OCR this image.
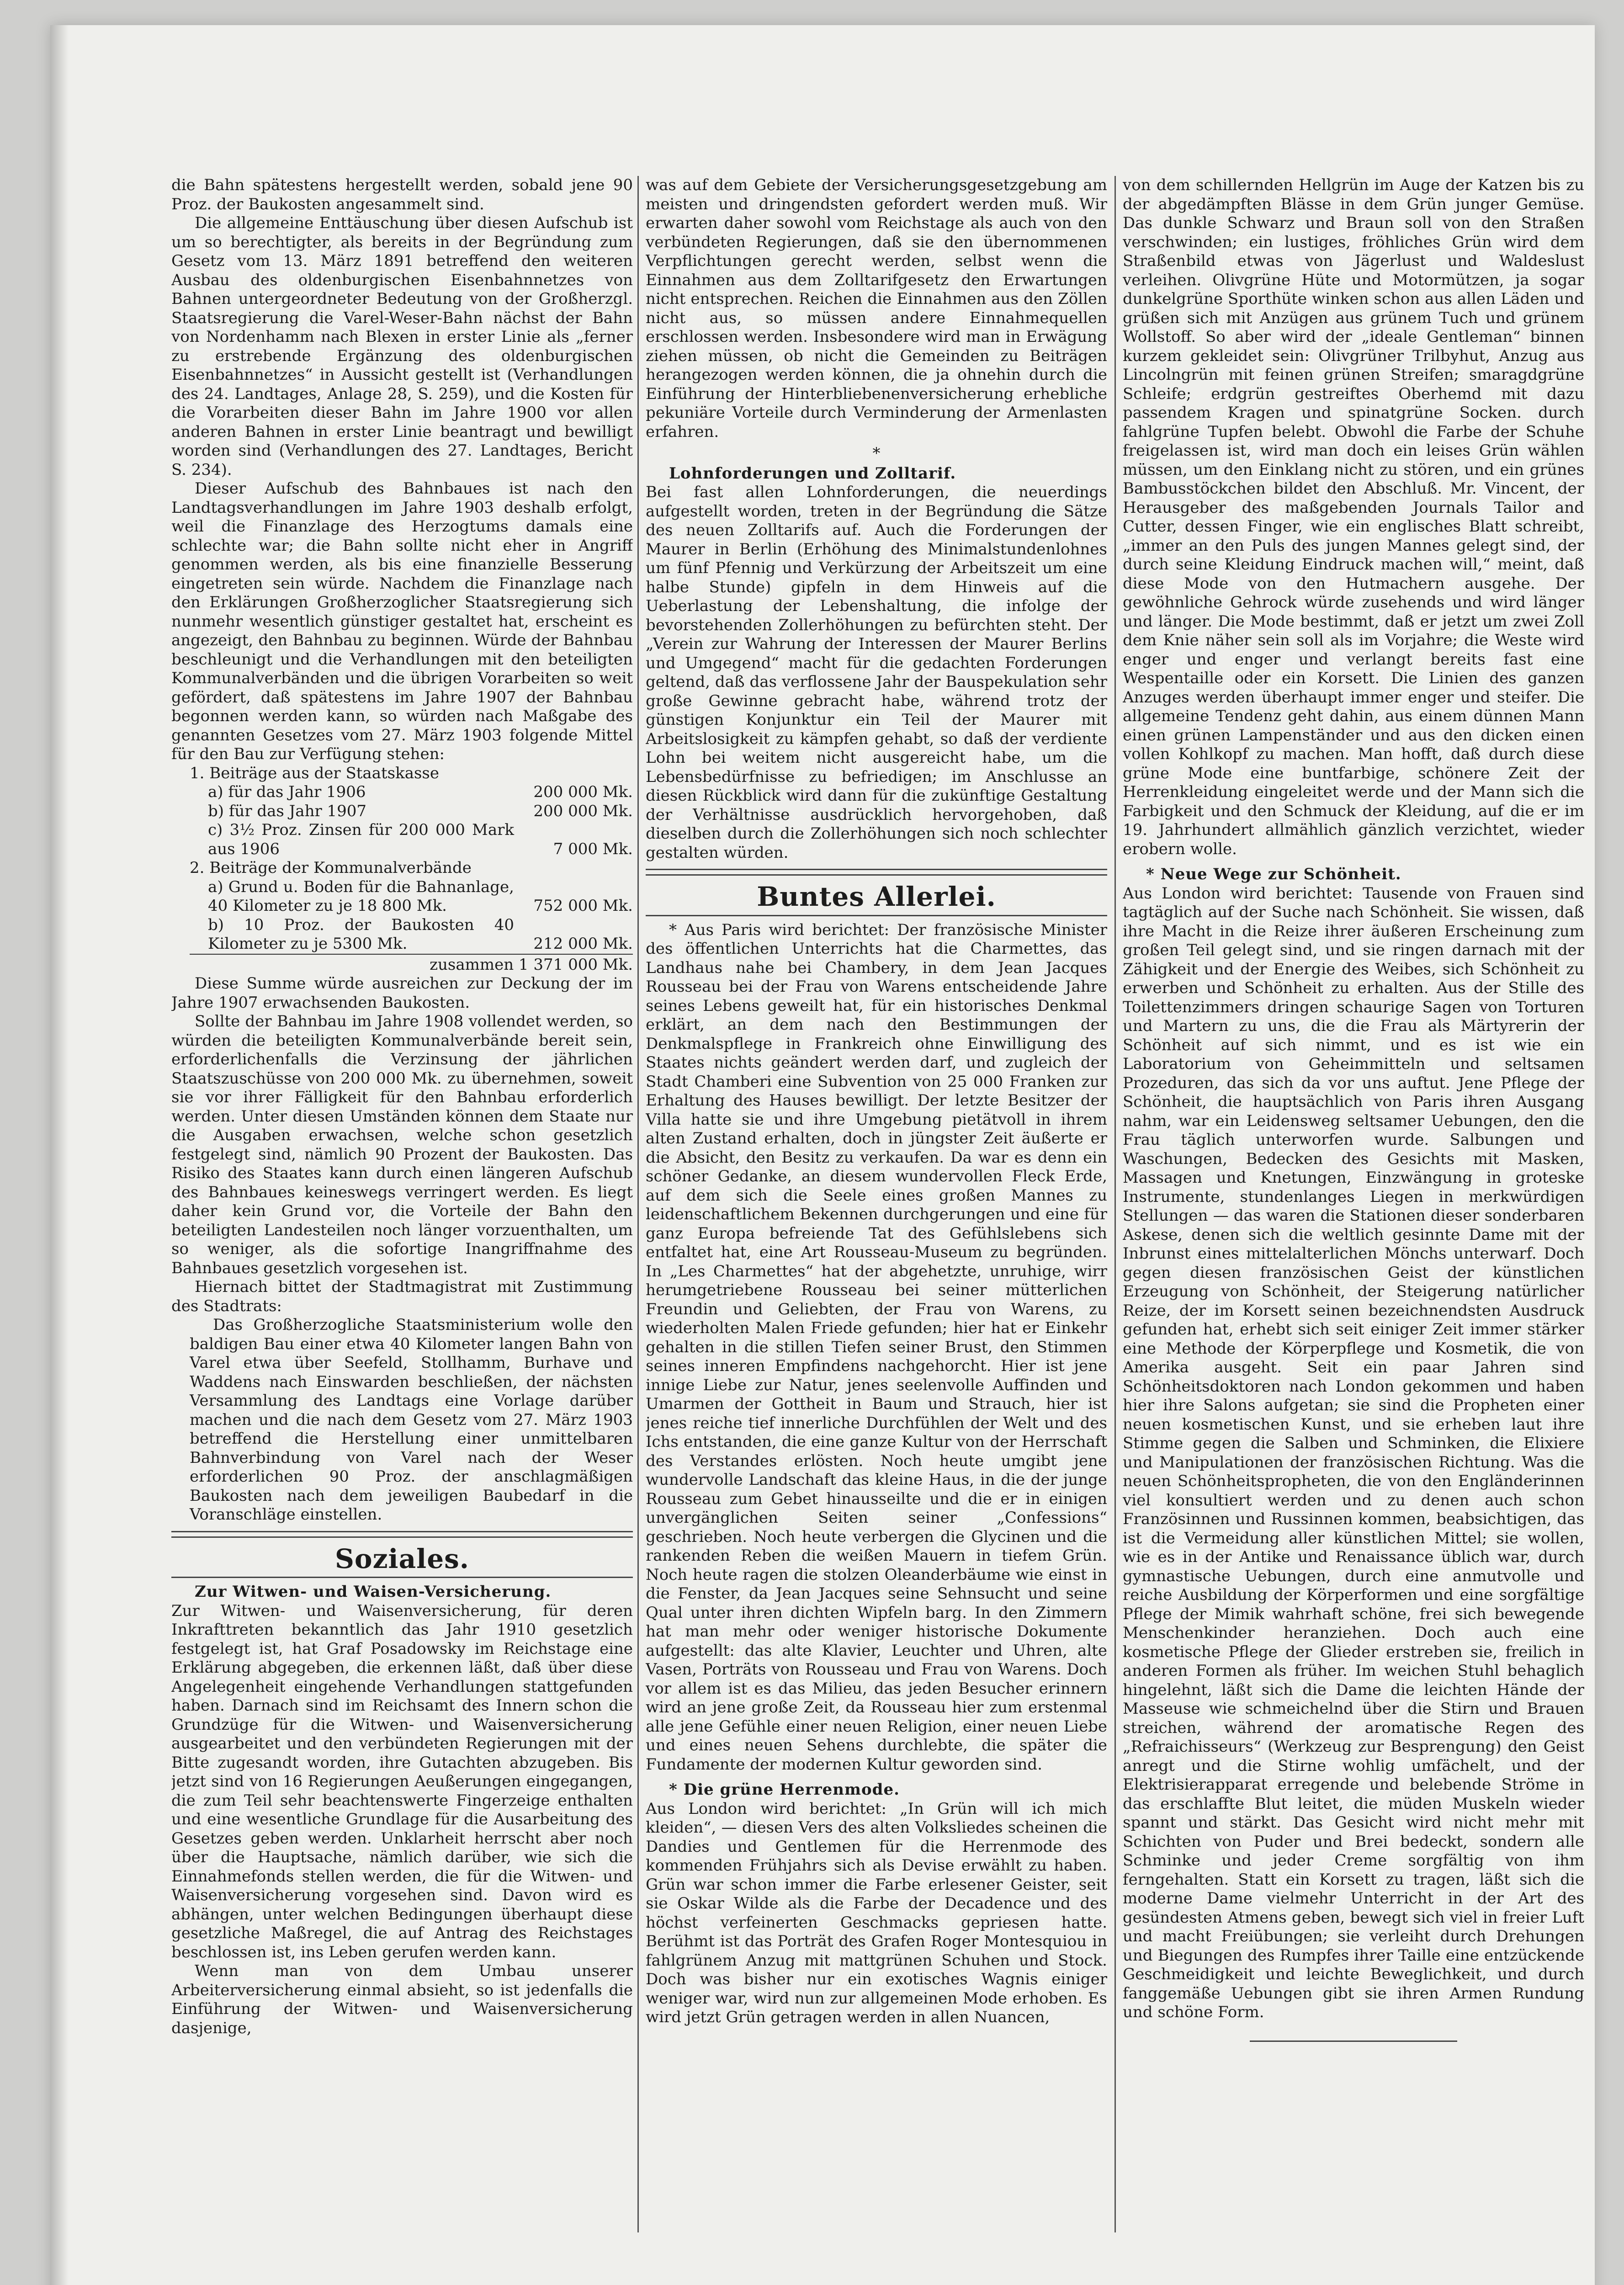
die Bahn spätestens hergestellt werden, sobald jene 90 Proz. der Baukosten angesammelt sind.

Die allgemeine Enttäuschung über diesen Aufschub ist um so berechtigter, als bereits in der Begründung zum Gesetz vom 13. März 1891 betreffend den weiteren Ausbau des oldenburgischen Eisenbahnnetzes von Bahnen untergeordneter Bedeutung von der Großherzgl. Staatsregierung die Varel-Weser-Bahn nächst der Bahn von Nordenhamm nach Blexen in erster Linie als „ferner zu erstrebende Ergänzung des oldenburgischen Eisenbahnnetzes“ in Aussicht gestellt ist (Verhandlungen des 24. Landtages, Anlage 28, S. 259), und die Kosten für die Vorarbeiten dieser Bahn im Jahre 1900 vor allen anderen Bahnen in erster Linie beantragt und bewilligt worden sind (Verhandlungen des 27. Landtages, Bericht S. 234).

Dieser Aufschub des Bahnbaues ist nach den Landtagsverhandlungen im Jahre 1903 deshalb erfolgt, weil die Finanzlage des Herzogtums damals eine schlechte war; die Bahn sollte nicht eher in Angriff genommen werden, als bis eine finanzielle Besserung eingetreten sein würde. Nachdem die Finanzlage nach den Erklärungen Großherzoglicher Staatsregierung sich nunmehr wesentlich günstiger gestaltet hat, erscheint es angezeigt, den Bahnbau zu beginnen. Würde der Bahnbau beschleunigt und die Verhandlungen mit den beteiligten Kommunalverbänden und die übrigen Vorarbeiten so weit gefördert, daß spätestens im Jahre 1907 der Bahnbau begonnen werden kann, so würden nach Maßgabe des genannten Gesetzes vom 27. März 1903 folgende Mittel für den Bau zur Verfügung stehen:

1. Beiträge aus der Staatskasse
a) für das Jahr 1906	200 000 Mk.
b) für das Jahr 1907	200 000 Mk.
c) 3½ Proz. Zinsen für 200 000 Mark aus 1906	7 000 Mk.
2. Beiträge der Kommunalverbände
a) Grund u. Boden für die Bahnanlage, 40 Kilometer zu je 18 800 Mk.	752 000 Mk.
b) 10 Proz. der Baukosten 40 Kilometer zu je 5300 Mk.	212 000 Mk.
zusammen 1 371 000 Mk.	

Diese Summe würde ausreichen zur Deckung der im Jahre 1907 erwachsenden Baukosten.

Sollte der Bahnbau im Jahre 1908 vollendet werden, so würden die beteiligten Kommunalverbände bereit sein, erforderlichenfalls die Verzinsung der jährlichen Staatszuschüsse von 200 000 Mk. zu übernehmen, soweit sie vor ihrer Fälligkeit für den Bahnbau erforderlich werden. Unter diesen Umständen können dem Staate nur die Ausgaben erwachsen, welche schon gesetzlich festgelegt sind, nämlich 90 Prozent der Baukosten. Das Risiko des Staates kann durch einen längeren Aufschub des Bahnbaues keineswegs verringert werden. Es liegt daher kein Grund vor, die Vorteile der Bahn den beteiligten Landesteilen noch länger vorzuenthalten, um so weniger, als die sofortige Inangriffnahme des Bahnbaues gesetzlich vorgesehen ist.

Hiernach bittet der Stadtmagistrat mit Zustimmung des Stadtrats:

Das Großherzogliche Staatsministerium wolle den baldigen Bau einer etwa 40 Kilometer langen Bahn von Varel etwa über Seefeld, Stollhamm, Burhave und Waddens nach Einswarden beschließen, der nächsten Versammlung des Landtags eine Vorlage darüber machen und die nach dem Gesetz vom 27. März 1903 betreffend die Herstellung einer unmittelbaren Bahnverbindung von Varel nach der Weser erforderlichen 90 Proz. der anschlagmäßigen Baukosten nach dem jeweiligen Baubedarf in die Voranschläge einstellen.

Soziales.

Zur Witwen- und Waisen-Versicherung.

Zur Witwen- und Waisenversicherung, für deren Inkrafttreten bekanntlich das Jahr 1910 gesetzlich festgelegt ist, hat Graf Posadowsky im Reichstage eine Erklärung abgegeben, die erkennen läßt, daß über diese Angelegenheit eingehende Verhandlungen stattgefunden haben. Darnach sind im Reichsamt des Innern schon die Grundzüge für die Witwen- und Waisenversicherung ausgearbeitet und den verbündeten Regierungen mit der Bitte zugesandt worden, ihre Gutachten abzugeben. Bis jetzt sind von 16 Regierungen Aeußerungen eingegangen, die zum Teil sehr beachtenswerte Fingerzeige enthalten und eine wesentliche Grundlage für die Ausarbeitung des Gesetzes geben werden. Unklarheit herrscht aber noch über die Hauptsache, nämlich darüber, wie sich die Einnahmefonds stellen werden, die für die Witwen- und Waisenversicherung vorgesehen sind. Davon wird es abhängen, unter welchen Bedingungen überhaupt diese gesetzliche Maßregel, die auf Antrag des Reichstages beschlossen ist, ins Leben gerufen werden kann.

Wenn man von dem Umbau unserer Arbeiterversicherung einmal absieht, so ist jedenfalls die Einführung der Witwen- und Waisenversicherung dasjenige,

was auf dem Gebiete der Versicherungsgesetzgebung am meisten und dringendsten gefordert werden muß. Wir erwarten daher sowohl vom Reichstage als auch von den verbündeten Regierungen, daß sie den übernommenen Verpflichtungen gerecht werden, selbst wenn die Einnahmen aus dem Zolltarifgesetz den Erwartungen nicht entsprechen. Reichen die Einnahmen aus den Zöllen nicht aus, so müssen andere Einnahmequellen erschlossen werden. Insbesondere wird man in Erwägung ziehen müssen, ob nicht die Gemeinden zu Beiträgen herangezogen werden können, die ja ohnehin durch die Einführung der Hinterbliebenenversicherung erhebliche pekuniäre Vorteile durch Verminderung der Armenlasten erfahren.

*

Lohnforderungen und Zolltarif.

Bei fast allen Lohnforderungen, die neuerdings aufgestellt worden, treten in der Begründung die Sätze des neuen Zolltarifs auf. Auch die Forderungen der Maurer in Berlin (Erhöhung des Minimalstundenlohnes um fünf Pfennig und Verkürzung der Arbeitszeit um eine halbe Stunde) gipfeln in dem Hinweis auf die Ueberlastung der Lebenshaltung, die infolge der bevorstehenden Zollerhöhungen zu befürchten steht. Der „Verein zur Wahrung der Interessen der Maurer Berlins und Umgegend“ macht für die gedachten Forderungen geltend, daß das verflossene Jahr der Bauspekulation sehr große Gewinne gebracht habe, während trotz der günstigen Konjunktur ein Teil der Maurer mit Arbeitslosigkeit zu kämpfen gehabt, so daß der verdiente Lohn bei weitem nicht ausgereicht habe, um die Lebensbedürfnisse zu befriedigen; im Anschlusse an diesen Rückblick wird dann für die zukünftige Gestaltung der Verhältnisse ausdrücklich hervorgehoben, daß dieselben durch die Zollerhöhungen sich noch schlechter gestalten würden.

Buntes Allerlei.

* Aus Paris wird berichtet: Der französische Minister des öffentlichen Unterrichts hat die Charmettes, das Landhaus nahe bei Chambery, in dem Jean Jacques Rousseau bei der Frau von Warens entscheidende Jahre seines Lebens geweilt hat, für ein historisches Denkmal erklärt, an dem nach den Bestimmungen der Denkmalspflege in Frankreich ohne Einwilligung des Staates nichts geändert werden darf, und zugleich der Stadt Chamberi eine Subvention von 25 000 Franken zur Erhaltung des Hauses bewilligt. Der letzte Besitzer der Villa hatte sie und ihre Umgebung pietätvoll in ihrem alten Zustand erhalten, doch in jüngster Zeit äußerte er die Absicht, den Besitz zu verkaufen. Da war es denn ein schöner Gedanke, an diesem wundervollen Fleck Erde, auf dem sich die Seele eines großen Mannes zu leidenschaftlichem Bekennen durchgerungen und eine für ganz Europa befreiende Tat des Gefühlslebens sich entfaltet hat, eine Art Rousseau-Museum zu begründen. In „Les Charmettes“ hat der abgehetzte, unruhige, wirr herumgetriebene Rousseau bei seiner mütterlichen Freundin und Geliebten, der Frau von Warens, zu wiederholten Malen Friede gefunden; hier hat er Einkehr gehalten in die stillen Tiefen seiner Brust, den Stimmen seines inneren Empfindens nachgehorcht. Hier ist jene innige Liebe zur Natur, jenes seelenvolle Auffinden und Umarmen der Gottheit in Baum und Strauch, hier ist jenes reiche tief innerliche Durchfühlen der Welt und des Ichs entstanden, die eine ganze Kultur von der Herrschaft des Verstandes erlösten. Noch heute umgibt jene wundervolle Landschaft das kleine Haus, in die der junge Rousseau zum Gebet hinausseilte und die er in einigen unvergänglichen Seiten seiner „Confessions“ geschrieben. Noch heute verbergen die Glycinen und die rankenden Reben die weißen Mauern in tiefem Grün. Noch heute ragen die stolzen Oleanderbäume wie einst in die Fenster, da Jean Jacques seine Sehnsucht und seine Qual unter ihren dichten Wipfeln barg. In den Zimmern hat man mehr oder weniger historische Dokumente aufgestellt: das alte Klavier, Leuchter und Uhren, alte Vasen, Porträts von Rousseau und Frau von Warens. Doch vor allem ist es das Milieu, das jeden Besucher erinnern wird an jene große Zeit, da Rousseau hier zum erstenmal alle jene Gefühle einer neuen Religion, einer neuen Liebe und eines neuen Sehens durchlebte, die später die Fundamente der modernen Kultur geworden sind.

* Die grüne Herrenmode.

Aus London wird berichtet: „In Grün will ich mich kleiden“, — diesen Vers des alten Volksliedes scheinen die Dandies und Gentlemen für die Herrenmode des kommenden Frühjahrs sich als Devise erwählt zu haben. Grün war schon immer die Farbe erlesener Geister, seit sie Oskar Wilde als die Farbe der Decadence und des höchst verfeinerten Geschmacks gepriesen hatte. Berühmt ist das Porträt des Grafen Roger Montesquiou in fahlgrünem Anzug mit mattgrünen Schuhen und Stock. Doch was bisher nur ein exotisches Wagnis einiger weniger war, wird nun zur allgemeinen Mode erhoben. Es wird jetzt Grün getragen werden in allen Nuancen,

von dem schillernden Hellgrün im Auge der Katzen bis zu der abgedämpften Blässe in dem Grün junger Gemüse. Das dunkle Schwarz und Braun soll von den Straßen verschwinden; ein lustiges, fröhliches Grün wird dem Straßenbild etwas von Jägerlust und Waldeslust verleihen. Olivgrüne Hüte und Motormützen, ja sogar dunkelgrüne Sporthüte winken schon aus allen Läden und grüßen sich mit Anzügen aus grünem Tuch und grünem Wollstoff. So aber wird der „ideale Gentleman“ binnen kurzem gekleidet sein: Olivgrüner Trilbyhut, Anzug aus Lincolngrün mit feinen grünen Streifen; smaragdgrüne Schleife; erdgrün gestreiftes Oberhemd mit dazu passendem Kragen und spinatgrüne Socken. durch fahlgrüne Tupfen belebt. Obwohl die Farbe der Schuhe freigelassen ist, wird man doch ein leises Grün wählen müssen, um den Einklang nicht zu stören, und ein grünes Bambusstöckchen bildet den Abschluß. Mr. Vincent, der Herausgeber des maßgebenden Journals Tailor and Cutter, dessen Finger, wie ein englisches Blatt schreibt, „immer an den Puls des jungen Mannes gelegt sind, der durch seine Kleidung Eindruck machen will,“ meint, daß diese Mode von den Hutmachern ausgehe. Der gewöhnliche Gehrock würde zusehends und wird länger und länger. Die Mode bestimmt, daß er jetzt um zwei Zoll dem Knie näher sein soll als im Vorjahre; die Weste wird enger und enger und verlangt bereits fast eine Wespentaille oder ein Korsett. Die Linien des ganzen Anzuges werden überhaupt immer enger und steifer. Die allgemeine Tendenz geht dahin, aus einem dünnen Mann einen grünen Lampenständer und aus den dicken einen vollen Kohlkopf zu machen. Man hofft, daß durch diese grüne Mode eine buntfarbige, schönere Zeit der Herrenkleidung eingeleitet werde und der Mann sich die Farbigkeit und den Schmuck der Kleidung, auf die er im 19. Jahrhundert allmählich gänzlich verzichtet, wieder erobern wolle.

* Neue Wege zur Schönheit.

Aus London wird berichtet: Tausende von Frauen sind tagtäglich auf der Suche nach Schönheit. Sie wissen, daß ihre Macht in die Reize ihrer äußeren Erscheinung zum großen Teil gelegt sind, und sie ringen darnach mit der Zähigkeit und der Energie des Weibes, sich Schönheit zu erwerben und Schönheit zu erhalten. Aus der Stille des Toilettenzimmers dringen schaurige Sagen von Torturen und Martern zu uns, die die Frau als Märtyrerin der Schönheit auf sich nimmt, und es ist wie ein Laboratorium von Geheimmitteln und seltsamen Prozeduren, das sich da vor uns auftut. Jene Pflege der Schönheit, die hauptsächlich von Paris ihren Ausgang nahm, war ein Leidensweg seltsamer Uebungen, den die Frau täglich unterworfen wurde. Salbungen und Waschungen, Bedecken des Gesichts mit Masken, Massagen und Knetungen, Einzwängung in groteske Instrumente, stundenlanges Liegen in merkwürdigen Stellungen — das waren die Stationen dieser sonderbaren Askese, denen sich die weltlich gesinnte Dame mit der Inbrunst eines mittelalterlichen Mönchs unterwarf. Doch gegen diesen französischen Geist der künstlichen Erzeugung von Schönheit, der Steigerung natürlicher Reize, der im Korsett seinen bezeichnendsten Ausdruck gefunden hat, erhebt sich seit einiger Zeit immer stärker eine Methode der Körperpflege und Kosmetik, die von Amerika ausgeht. Seit ein paar Jahren sind Schönheitsdoktoren nach London gekommen und haben hier ihre Salons aufgetan; sie sind die Propheten einer neuen kosmetischen Kunst, und sie erheben laut ihre Stimme gegen die Salben und Schminken, die Elixiere und Manipulationen der französischen Richtung. Was die neuen Schönheitspropheten, die von den Engländerinnen viel konsultiert werden und zu denen auch schon Französinnen und Russinnen kommen, beabsichtigen, das ist die Vermeidung aller künstlichen Mittel; sie wollen, wie es in der Antike und Renaissance üblich war, durch gymnastische Uebungen, durch eine anmutvolle und reiche Ausbildung der Körperformen und eine sorgfältige Pflege der Mimik wahrhaft schöne, frei sich bewegende Menschenkinder heranziehen. Doch auch eine kosmetische Pflege der Glieder erstreben sie, freilich in anderen Formen als früher. Im weichen Stuhl behaglich hingelehnt, läßt sich die Dame die leichten Hände der Masseuse wie schmeichelnd über die Stirn und Brauen streichen, während der aromatische Regen des „Refraichisseurs“ (Werkzeug zur Besprengung) den Geist anregt und die Stirne wohlig umfächelt, und der Elektrisierapparat erregende und belebende Ströme in das erschlaffte Blut leitet, die müden Muskeln wieder spannt und stärkt. Das Gesicht wird nicht mehr mit Schichten von Puder und Brei bedeckt, sondern alle Schminke und jeder Creme sorgfältig von ihm ferngehalten. Statt ein Korsett zu tragen, läßt sich die moderne Dame vielmehr Unterricht in der Art des gesündesten Atmens geben, bewegt sich viel in freier Luft und macht Freiübungen; sie verleiht durch Drehungen und Biegungen des Rumpfes ihrer Taille eine entzückende Geschmeidigkeit und leichte Beweglichkeit, und durch fanggemäße Uebungen gibt sie ihren Armen Rundung und schöne Form.
